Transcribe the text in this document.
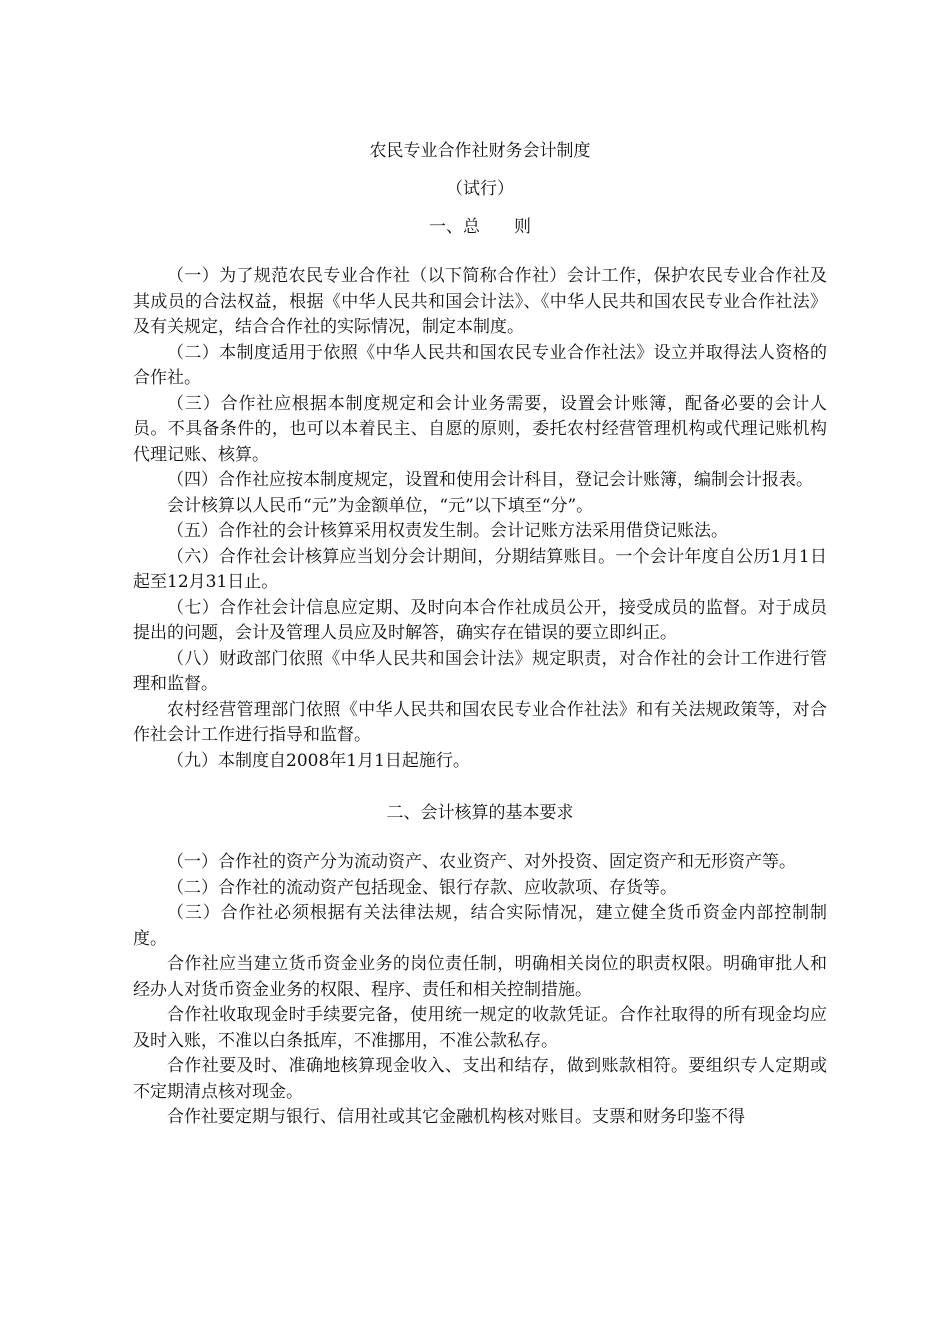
农民专业合作社财务会计制度
（试行）
一、总　　则

（一）为了规范农民专业合作社（以下简称合作社）会计工作，保护农民专业合作社及其成员的合法权益，根据《中华人民共和国会计法》、《中华人民共和国农民专业合作社法》及有关规定，结合合作社的实际情况，制定本制度。

（二）本制度适用于依照《中华人民共和国农民专业合作社法》设立并取得法人资格的合作社。

（三）合作社应根据本制度规定和会计业务需要，设置会计账簿，配备必要的会计人员。不具备条件的，也可以本着民主、自愿的原则，委托农村经营管理机构或代理记账机构代理记账、核算。

（四）合作社应按本制度规定，设置和使用会计科目，登记会计账簿，编制会计报表。

会计核算以人民币“元”为金额单位，“元”以下填至“分”。

（五）合作社的会计核算采用权责发生制。会计记账方法采用借贷记账法。

（六）合作社会计核算应当划分会计期间，分期结算账目。一个会计年度自公历1月1日起至12月31日止。

（七）合作社会计信息应定期、及时向本合作社成员公开，接受成员的监督。对于成员提出的问题，会计及管理人员应及时解答，确实存在错误的要立即纠正。

（八）财政部门依照《中华人民共和国会计法》规定职责，对合作社的会计工作进行管理和监督。

农村经营管理部门依照《中华人民共和国农民专业合作社法》和有关法规政策等，对合作社会计工作进行指导和监督。

（九）本制度自2008年1月1日起施行。

二、会计核算的基本要求

（一）合作社的资产分为流动资产、农业资产、对外投资、固定资产和无形资产等。

（二）合作社的流动资产包括现金、银行存款、应收款项、存货等。

（三）合作社必须根据有关法律法规，结合实际情况，建立健全货币资金内部控制制度。

合作社应当建立货币资金业务的岗位责任制，明确相关岗位的职责权限。明确审批人和经办人对货币资金业务的权限、程序、责任和相关控制措施。

合作社收取现金时手续要完备，使用统一规定的收款凭证。合作社取得的所有现金均应及时入账，不准以白条抵库，不准挪用，不准公款私存。

合作社要及时、准确地核算现金收入、支出和结存，做到账款相符。要组织专人定期或不定期清点核对现金。

合作社要定期与银行、信用社或其它金融机构核对账目。支票和财务印鉴不得
